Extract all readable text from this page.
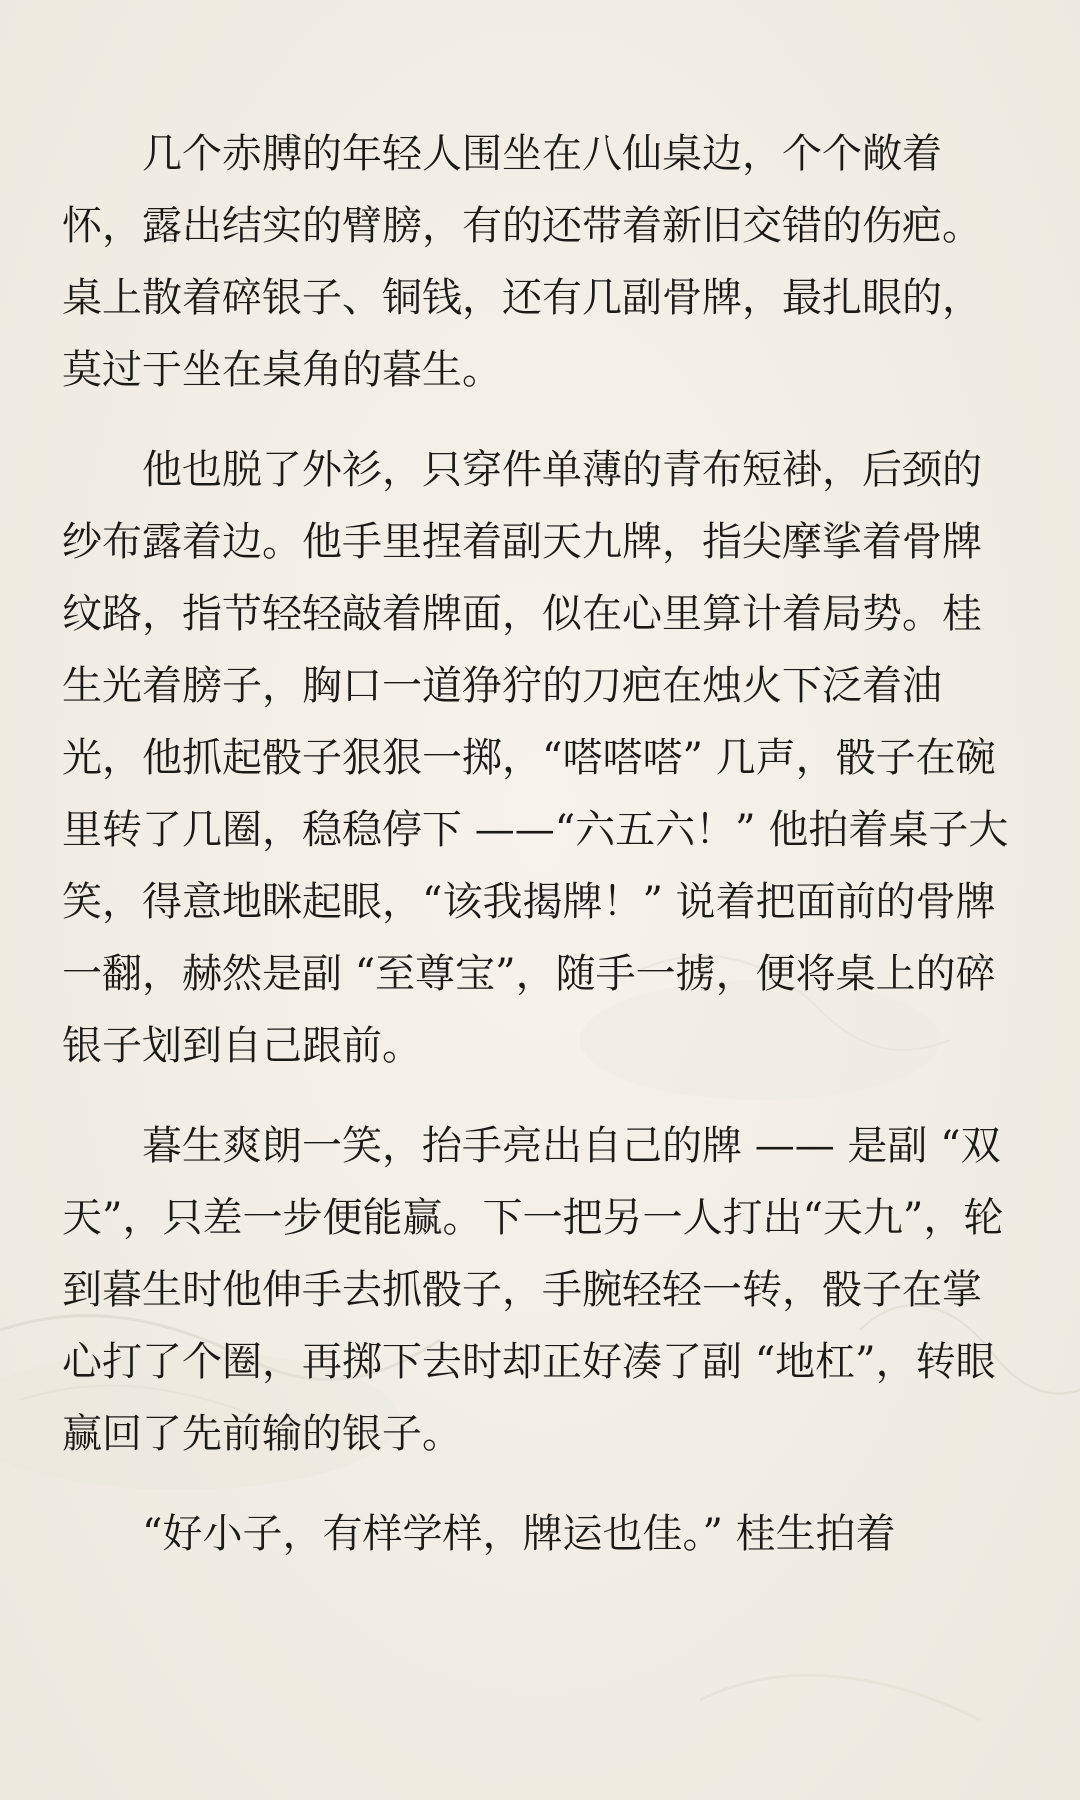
几个赤膊的年轻人围坐在八仙桌边，个个敞着怀，露出结实的臂膀，有的还带着新旧交错的伤疤。桌上散着碎银子、铜钱，还有几副骨牌，最扎眼的，莫过于坐在桌角的暮生。

他也脱了外衫，只穿件单薄的青布短褂，后颈的纱布露着边。他手里捏着副天九牌，指尖摩挲着骨牌纹路，指节轻轻敲着牌面，似在心里算计着局势。桂生光着膀子，胸口一道狰狞的刀疤在烛火下泛着油光，他抓起骰子狠狠一掷，“嗒嗒嗒” 几声，骰子在碗里转了几圈，稳稳停下 ——“六五六！” 他拍着桌子大笑，得意地眯起眼，“该我揭牌！” 说着把面前的骨牌一翻，赫然是副 “至尊宝”，随手一掳，便将桌上的碎银子划到自己跟前。

暮生爽朗一笑，抬手亮出自己的牌 —— 是副 “双天”，只差一步便能赢。下一把另一人打出“天九”，轮到暮生时他伸手去抓骰子，手腕轻轻一转，骰子在掌心打了个圈，再掷下去时却正好凑了副 “地杠”，转眼赢回了先前输的银子。

“好小子，有样学样，牌运也佳。” 桂生拍着
